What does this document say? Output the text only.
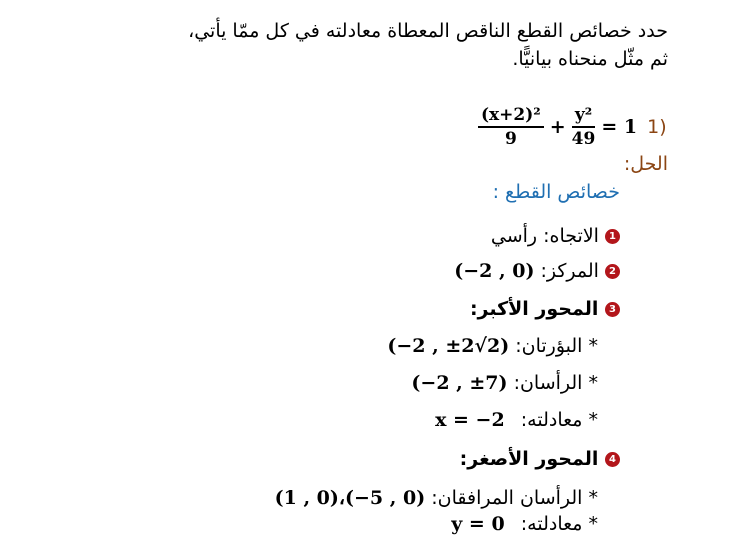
حدد خصائص القطع الناقص المعطاة معادلته في كل ممّا يأتي،
ثم مثّل منحناه بيانيًّا.
$\frac{\text{(x+2)²}}{9} + \frac{\text{y²}}{49} = 1$ 1)
الحل:
خصائص القطع :
1 الاتجاه: رأسي
2 المركز: (−2 , 0)
3 المحور الأكبر:
* البؤرتان: (−2 , ±2√2)
* الرأسان: (−2 , ±7)
* معادلته: x = −2
4 المحور الأصغر:
* الرأسان المرافقان: (1 , 0)،(−5 , 0)
* معادلته: y = 0
